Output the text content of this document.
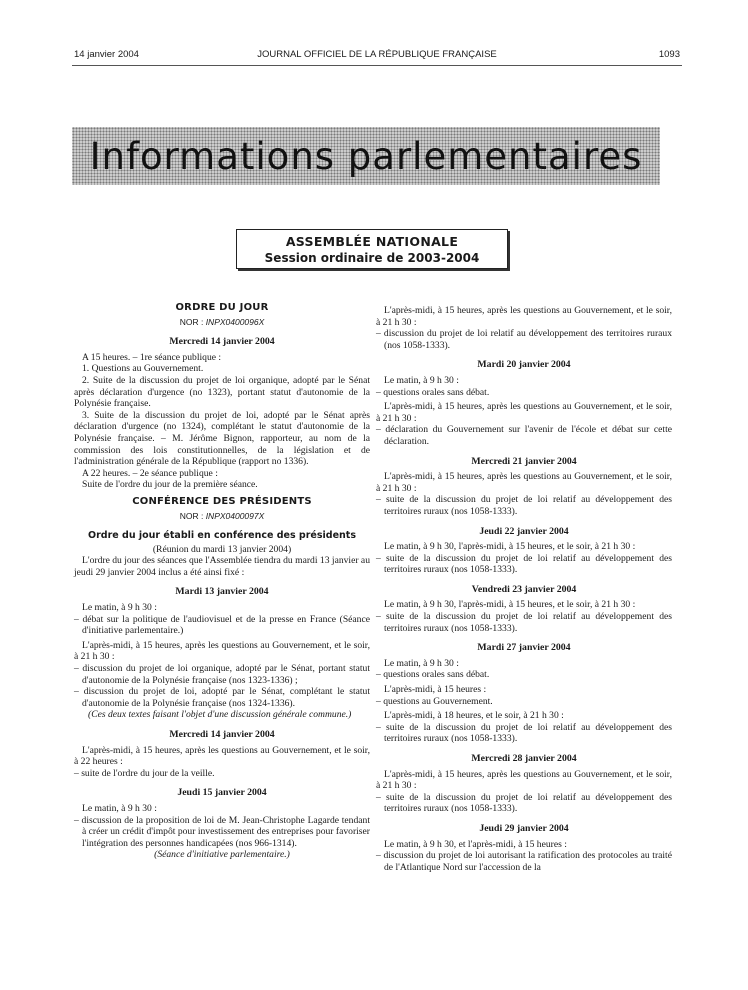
14 janvier 2004	JOURNAL OFFICIEL DE LA RÉPUBLIQUE FRANÇAISE	1093
Informations parlementaires
ASSEMBLÉE NATIONALE
Session ordinaire de 2003-2004
ORDRE DU JOUR
NOR : INPX0400096X
Mercredi 14 janvier 2004

A 15 heures. – 1re séance publique :

1. Questions au Gouvernement.

2. Suite de la discussion du projet de loi organique, adopté par le Sénat après déclaration d'urgence (no 1323), portant statut d'autonomie de la Polynésie française.

3. Suite de la discussion du projet de loi, adopté par le Sénat après déclaration d'urgence (no 1324), complétant le statut d'autonomie de la Polynésie française. – M. Jérôme Bignon, rapporteur, au nom de la commission des lois constitutionnelles, de la législation et de l'administration générale de la République (rapport no 1336).

A 22 heures. – 2e séance publique :

Suite de l'ordre du jour de la première séance.

CONFÉRENCE DES PRÉSIDENTS
NOR : INPX0400097X
Ordre du jour établi en conférence des présidents

(Réunion du mardi 13 janvier 2004)

L'ordre du jour des séances que l'Assemblée tiendra du mardi 13 janvier au jeudi 29 janvier 2004 inclus a été ainsi fixé :

Mardi 13 janvier 2004

Le matin, à 9 h 30 :

– débat sur la politique de l'audiovisuel et de la presse en France (Séance d'initiative parlementaire.)

L'après-midi, à 15 heures, après les questions au Gouvernement, et le soir, à 21 h 30 :

– discussion du projet de loi organique, adopté par le Sénat, portant statut d'autonomie de la Polynésie française (nos 1323-1336) ;

– discussion du projet de loi, adopté par le Sénat, complétant le statut d'autonomie de la Polynésie française (nos 1324-1336).

(Ces deux textes faisant l'objet d'une discussion générale commune.)

Mercredi 14 janvier 2004

L'après-midi, à 15 heures, après les questions au Gouvernement, et le soir, à 22 heures :

– suite de l'ordre du jour de la veille.

Jeudi 15 janvier 2004

Le matin, à 9 h 30 :

– discussion de la proposition de loi de M. Jean-Christophe Lagarde tendant à créer un crédit d'impôt pour investissement des entreprises pour favoriser l'intégration des personnes handicapées (nos 966-1314).

(Séance d'initiative parlementaire.)

L'après-midi, à 15 heures, après les questions au Gouvernement, et le soir, à 21 h 30 :

– discussion du projet de loi relatif au développement des territoires ruraux (nos 1058-1333).

Mardi 20 janvier 2004

Le matin, à 9 h 30 :

– questions orales sans débat.

L'après-midi, à 15 heures, après les questions au Gouvernement, et le soir, à 21 h 30 :

– déclaration du Gouvernement sur l'avenir de l'école et débat sur cette déclaration.

Mercredi 21 janvier 2004

L'après-midi, à 15 heures, après les questions au Gouvernement, et le soir, à 21 h 30 :

– suite de la discussion du projet de loi relatif au développement des territoires ruraux (nos 1058-1333).

Jeudi 22 janvier 2004

Le matin, à 9 h 30, l'après-midi, à 15 heures, et le soir, à 21 h 30 :

– suite de la discussion du projet de loi relatif au développement des territoires ruraux (nos 1058-1333).

Vendredi 23 janvier 2004

Le matin, à 9 h 30, l'après-midi, à 15 heures, et le soir, à 21 h 30 :

– suite de la discussion du projet de loi relatif au développement des territoires ruraux (nos 1058-1333).

Mardi 27 janvier 2004

Le matin, à 9 h 30 :

– questions orales sans débat.

L'après-midi, à 15 heures :

– questions au Gouvernement.

L'après-midi, à 18 heures, et le soir, à 21 h 30 :

– suite de la discussion du projet de loi relatif au développement des territoires ruraux (nos 1058-1333).

Mercredi 28 janvier 2004

L'après-midi, à 15 heures, après les questions au Gouvernement, et le soir, à 21 h 30 :

– suite de la discussion du projet de loi relatif au développement des territoires ruraux (nos 1058-1333).

Jeudi 29 janvier 2004

Le matin, à 9 h 30, et l'après-midi, à 15 heures :

– discussion du projet de loi autorisant la ratification des protocoles au traité de l'Atlantique Nord sur l'accession de la
